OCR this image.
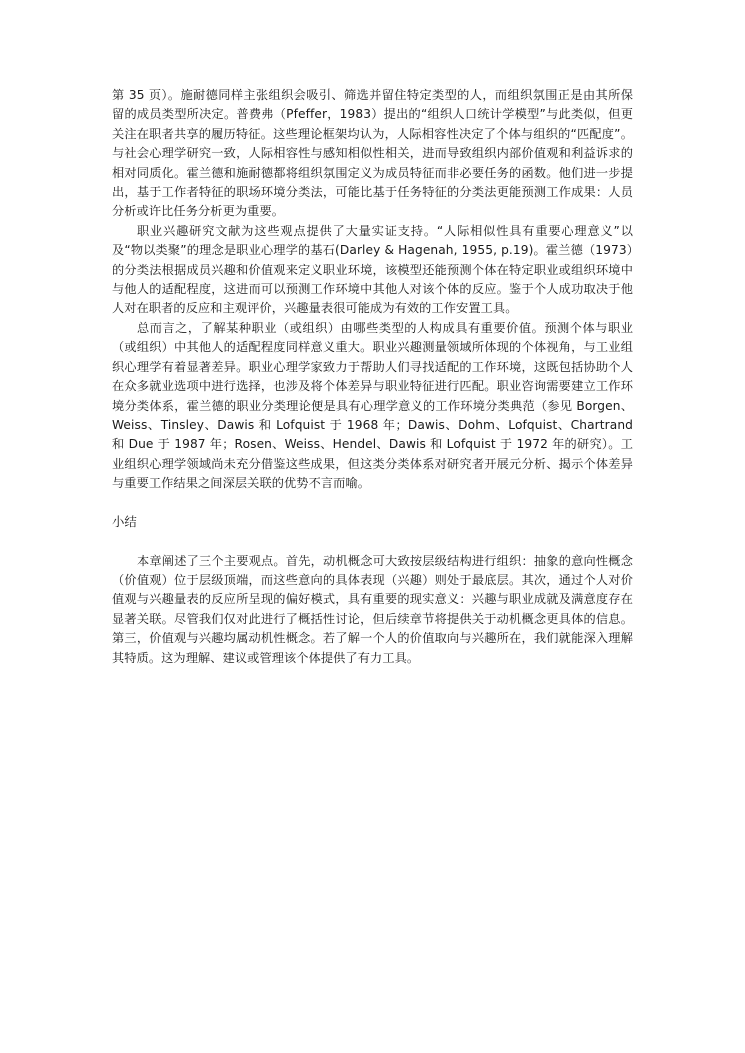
第 35 页）。施耐德同样主张组织会吸引、筛选并留住特定类型的人，而组织氛围正是由其所保留的成员类型所决定。普费弗（Pfeffer，1983）提出的“组织人口统计学模型”与此类似，但更关注在职者共享的履历特征。这些理论框架均认为，人际相容性决定了个体与组织的“匹配度”。与社会心理学研究一致，人际相容性与感知相似性相关，进而导致组织内部价值观和利益诉求的相对同质化。霍兰德和施耐德都将组织氛围定义为成员特征而非必要任务的函数。他们进一步提出，基于工作者特征的职场环境分类法，可能比基于任务特征的分类法更能预测工作成果：人员分析或许比任务分析更为重要。

职业兴趣研究文献为这些观点提供了大量实证支持。“人际相似性具有重要心理意义”以及“物以类聚”的理念是职业心理学的基石(Darley & Hagenah, 1955, p.19)。霍兰德（1973）的分类法根据成员兴趣和价值观来定义职业环境，该模型还能预测个体在特定职业或组织环境中与他人的适配程度，这进而可以预测工作环境中其他人对该个体的反应。鉴于个人成功取决于他人对在职者的反应和主观评价，兴趣量表很可能成为有效的工作安置工具。

总而言之，了解某种职业（或组织）由哪些类型的人构成具有重要价值。预测个体与职业（或组织）中其他人的适配程度同样意义重大。职业兴趣测量领域所体现的个体视角，与工业组织心理学有着显著差异。职业心理学家致力于帮助人们寻找适配的工作环境，这既包括协助个人在众多就业选项中进行选择，也涉及将个体差异与职业特征进行匹配。职业咨询需要建立工作环境分类体系，霍兰德的职业分类理论便是具有心理学意义的工作环境分类典范（参见 Borgen、Weiss、Tinsley、Dawis 和 Lofquist 于 1968 年；Dawis、Dohm、Lofquist、Chartrand 和 Due 于 1987 年；Rosen、Weiss、Hendel、Dawis 和 Lofquist 于 1972 年的研究）。工业组织心理学领域尚未充分借鉴这些成果，但这类分类体系对研究者开展元分析、揭示个体差异与重要工作结果之间深层关联的优势不言而喻。

小结

本章阐述了三个主要观点。首先，动机概念可大致按层级结构进行组织：抽象的意向性概念（价值观）位于层级顶端，而这些意向的具体表现（兴趣）则处于最底层。其次，通过个人对价值观与兴趣量表的反应所呈现的偏好模式，具有重要的现实意义：兴趣与职业成就及满意度存在显著关联。尽管我们仅对此进行了概括性讨论，但后续章节将提供关于动机概念更具体的信息。第三，价值观与兴趣均属动机性概念。若了解一个人的价值取向与兴趣所在，我们就能深入理解其特质。这为理解、建议或管理该个体提供了有力工具。
